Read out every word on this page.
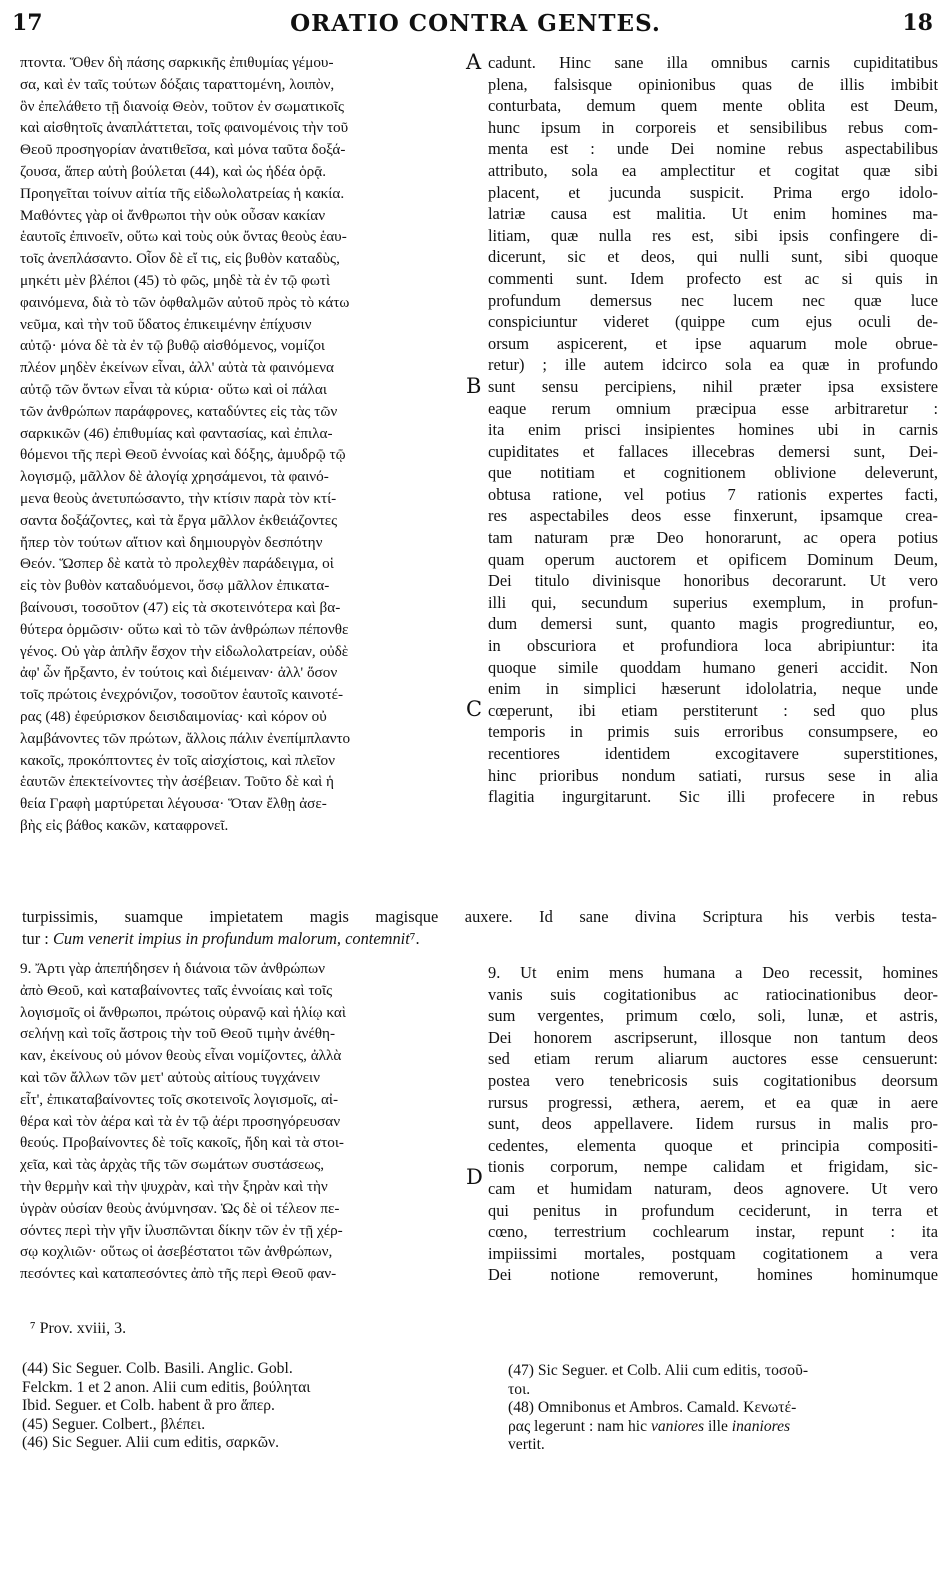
17	ORATIO CONTRA GENTES.	18
πτοντα. Ὅθεν δὴ πάσης σαρκικῆς ἐπιθυμίας γέμου-
σα, καὶ ἐν ταῖς τούτων δόξαις ταραττομένη, λοιπὸν,
ὃν ἐπελάθετο τῇ διανοίᾳ Θεὸν, τοῦτον ἐν σωματικοῖς
καὶ αἰσθητοῖς ἀναπλάττεται, τοῖς φαινομένοις τὴν τοῦ
Θεοῦ προσηγορίαν ἀνατιθεῖσα, καὶ μόνα ταῦτα δοξά-
ζουσα, ἅπερ αὐτὴ βούλεται (44), καὶ ὡς ἡδέα ὁρᾷ.
Προηγεῖται τοίνυν αἰτία τῆς εἰδωλολατρείας ἡ κακία.
Μαθόντες γὰρ οἱ ἄνθρωποι τὴν οὐκ οὖσαν κακίαν
ἑαυτοῖς ἐπινοεῖν, οὕτω καὶ τοὺς οὐκ ὄντας θεοὺς ἑαυ-
τοῖς ἀνεπλάσαντο. Οἷον δὲ εἴ τις, εἰς βυθὸν καταδὺς,
μηκέτι μὲν βλέποι (45) τὸ φῶς, μηδὲ τὰ ἐν τῷ φωτὶ
φαινόμενα, διὰ τὸ τῶν ὀφθαλμῶν αὐτοῦ πρὸς τὸ κάτω
νεῦμα, καὶ τὴν τοῦ ὕδατος ἐπικειμένην ἐπίχυσιν
αὐτῷ· μόνα δὲ τὰ ἐν τῷ βυθῷ αἰσθόμενος, νομίζοι
πλέον μηδὲν ἐκείνων εἶναι, ἀλλ' αὐτὰ τὰ φαινόμενα
αὐτῷ τῶν ὄντων εἶναι τὰ κύρια· οὕτω καὶ οἱ πάλαι
τῶν ἀνθρώπων παράφρονες, καταδύντες εἰς τὰς τῶν
σαρκικῶν (46) ἐπιθυμίας καὶ φαντασίας, καὶ ἐπιλα-
θόμενοι τῆς περὶ Θεοῦ ἐννοίας καὶ δόξης, ἀμυδρῷ τῷ
λογισμῷ, μᾶλλον δὲ ἀλογίᾳ χρησάμενοι, τὰ φαινό-
μενα θεοὺς ἀνετυπώσαντο, τὴν κτίσιν παρὰ τὸν κτί-
σαντα δοξάζοντες, καὶ τὰ ἔργα μᾶλλον ἐκθειάζοντες
ἤπερ τὸν τούτων αἴτιον καὶ δημιουργὸν δεσπότην
Θεόν. Ὥσπερ δὲ κατὰ τὸ προλεχθὲν παράδειγμα, οἱ
εἰς τὸν βυθὸν καταδυόμενοι, ὅσῳ μᾶλλον ἐπικατα-
βαίνουσι, τοσοῦτον (47) εἰς τὰ σκοτεινότερα καὶ βα-
θύτερα ὁρμῶσιν· οὕτω καὶ τὸ τῶν ἀνθρώπων πέπονθε
γένος. Οὐ γὰρ ἁπλῆν ἔσχον τὴν εἰδωλολατρείαν, οὐδὲ
ἀφ' ὧν ἤρξαντο, ἐν τούτοις καὶ διέμειναν· ἀλλ' ὅσον
τοῖς πρώτοις ἐνεχρόνιζον, τοσοῦτον ἑαυτοῖς καινοτέ-
ρας (48) ἐφεύρισκον δεισιδαιμονίας· καὶ κόρον οὐ
λαμβάνοντες τῶν πρώτων, ἄλλοις πάλιν ἐνεπίμπλαντο
κακοῖς, προκόπτοντες ἐν τοῖς αἰσχίστοις, καὶ πλεῖον
ἑαυτῶν ἐπεκτείνοντες τὴν ἀσέβειαν. Τοῦτο δὲ καὶ ἡ
θεία Γραφὴ μαρτύρεται λέγουσα· Ὅταν ἔλθῃ ἀσε-
βὴς εἰς βάθος κακῶν, καταφρονεῖ.
cadunt. Hinc sane illa omnibus carnis cupiditatibus
plena, falsisque opinionibus quas de illis imbibit
conturbata, demum quem mente oblita est Deum,
hunc ipsum in corporeis et sensibilibus rebus com-
menta est : unde Dei nomine rebus aspectabilibus
attributo, sola ea amplectitur et cogitat quæ sibi
placent, et jucunda suspicit. Prima ergo idolo-
latriæ causa est malitia. Ut enim homines ma-
litiam, quæ nulla res est, sibi ipsis confingere di-
dicerunt, sic et deos, qui nulli sunt, sibi quoque
commenti sunt. Idem profecto est ac si quis in
profundum demersus nec lucem nec quæ luce
conspiciuntur videret (quippe cum ejus oculi de-
orsum aspicerent, et ipse aquarum mole obrue-
retur) ; ille autem idcirco sola ea quæ in profundo
sunt sensu percipiens, nihil præter ipsa exsistere
eaque rerum omnium præcipua esse arbitraretur :
ita enim prisci insipientes homines ubi in carnis
cupiditates et fallaces illecebras demersi sunt, Dei-
que notitiam et cognitionem oblivione deleverunt,
obtusa ratione, vel potius 7 rationis expertes facti,
res aspectabiles deos esse finxerunt, ipsamque crea-
tam naturam præ Deo honorarunt, ac opera potius
quam operum auctorem et opificem Dominum Deum,
Dei titulo divinisque honoribus decorarunt. Ut vero
illi qui, secundum superius exemplum, in profun-
dum demersi sunt, quanto magis progrediuntur, eo,
in obscuriora et profundiora loca abripiuntur: ita
quoque simile quoddam humano generi accidit. Non
enim in simplici hæserunt idololatria, neque unde
cœperunt, ibi etiam perstiterunt : sed quo plus
temporis in primis suis erroribus consumpsere, eo
recentiores identidem excogitavere superstitiones,
hinc prioribus nondum satiati, rursus sese in alia
flagitia ingurgitarunt. Sic illi profecere in rebus
A
B
C
D
turpissimis, suamque impietatem magis magisque auxere. Id sane divina Scriptura his verbis testa-
tur : Cum venerit impius in profundum malorum, contemnit⁷.
9. Ἄρτι γὰρ ἀπεπήδησεν ἡ διάνοια τῶν ἀνθρώπων
ἀπὸ Θεοῦ, καὶ καταβαίνοντες ταῖς ἐννοίαις καὶ τοῖς
λογισμοῖς οἱ ἄνθρωποι, πρώτοις οὐρανῷ καὶ ἡλίῳ καὶ
σελήνῃ καὶ τοῖς ἄστροις τὴν τοῦ Θεοῦ τιμὴν ἀνέθη-
καν, ἐκείνους οὐ μόνον θεοὺς εἶναι νομίζοντες, ἀλλὰ
καὶ τῶν ἄλλων τῶν μετ' αὐτοὺς αἰτίους τυγχάνειν
εἶτ', ἐπικαταβαίνοντες τοῖς σκοτεινοῖς λογισμοῖς, αἰ-
θέρα καὶ τὸν ἀέρα καὶ τὰ ἐν τῷ ἀέρι προσηγόρευσαν
θεούς. Προβαίνοντες δὲ τοῖς κακοῖς, ἤδη καὶ τὰ στοι-
χεῖα, καὶ τὰς ἀρχὰς τῆς τῶν σωμάτων συστάσεως,
τὴν θερμὴν καὶ τὴν ψυχρὰν, καὶ τὴν ξηρὰν καὶ τὴν
ὑγρὰν οὐσίαν θεοὺς ἀνύμνησαν. Ὡς δὲ οἱ τέλεον πε-
σόντες περὶ τὴν γῆν ἰλυσπῶνται δίκην τῶν ἐν τῇ χέρ-
σῳ κοχλιῶν· οὕτως οἱ ἀσεβέστατοι τῶν ἀνθρώπων,
πεσόντες καὶ καταπεσόντες ἀπὸ τῆς περὶ Θεοῦ φαν-
9. Ut enim mens humana a Deo recessit, homines
vanis suis cogitationibus ac ratiocinationibus deor-
sum vergentes, primum cœlo, soli, lunæ, et astris,
Dei honorem ascripserunt, illosque non tantum deos
sed etiam rerum aliarum auctores esse censuerunt:
postea vero tenebricosis suis cogitationibus deorsum
rursus progressi, æthera, aerem, et ea quæ in aere
sunt, deos appellavere. Iidem rursus in malis pro-
cedentes, elementa quoque et principia compositi-
tionis corporum, nempe calidam et frigidam, sic-
cam et humidam naturam, deos agnovere. Ut vero
qui penitus in profundum ceciderunt, in terra et
cœno, terrestrium cochlearum instar, repunt : ita
impiissimi mortales, postquam cogitationem a vera
Dei notione removerunt, homines hominumque
⁷ Prov. xviii, 3.
(44) Sic Seguer. Colb. Basili. Anglic. Gobl.
Felckm. 1 et 2 anon. Alii cum editis, βούληται
Ibid. Seguer. et Colb. habent ἃ pro ἅπερ.
(45) Seguer. Colbert., βλέπει.
(46) Sic Seguer. Alii cum editis, σαρκῶν.
(47) Sic Seguer. et Colb. Alii cum editis, τοσοῦ-
τοι.
(48) Omnibonus et Ambros. Camald. Κενωτέ-
ρας legerunt : nam hic vaniores ille inaniores
vertit.
